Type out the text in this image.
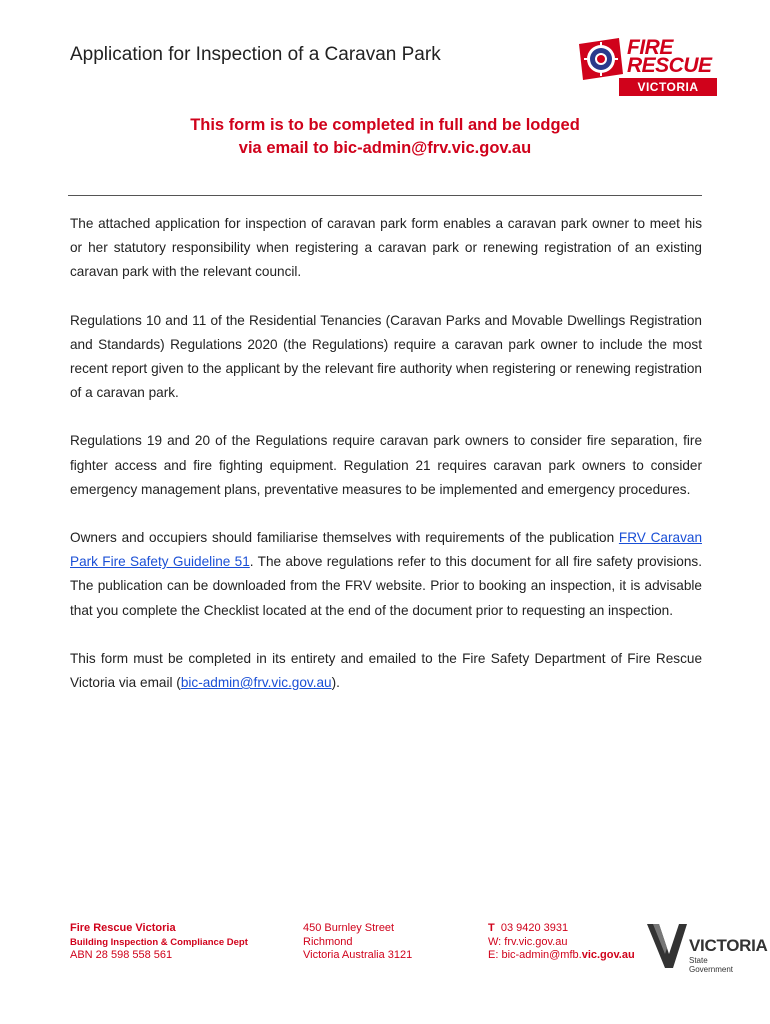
Application for Inspection of a Caravan Park	FIRE
RESCUE
VICTORIA
This form is to be completed in full and be lodged
via email to bic-admin@frv.vic.gov.au

The attached application for inspection of caravan park form enables a caravan park owner to meet his or her statutory responsibility when registering a caravan park or renewing registration of an existing caravan park with the relevant council.

Regulations 10 and 11 of the Residential Tenancies (Caravan Parks and Movable Dwellings Registration and Standards) Regulations 2020 (the Regulations) require a caravan park owner to include the most recent report given to the applicant by the relevant fire authority when registering or renewing registration of a caravan park.

Regulations 19 and 20 of the Regulations require caravan park owners to consider fire separation, fire fighter access and fire fighting equipment. Regulation 21 requires caravan park owners to consider emergency management plans, preventative measures to be implemented and emergency procedures.

Owners and occupiers should familiarise themselves with requirements of the publication FRV Caravan Park Fire Safety Guideline 51. The above regulations refer to this document for all fire safety provisions. The publication can be downloaded from the FRV website. Prior to booking an inspection, it is advisable that you complete the Checklist located at the end of the document prior to requesting an inspection.

This form must be completed in its entirety and emailed to the Fire Safety Department of Fire Rescue Victoria via email (bic-admin@frv.vic.gov.au).

Fire Rescue Victoria
Building Inspection & Compliance Dept
ABN 28 598 558 561
450 Burnley Street
Richmond
Victoria Australia 3121
T 03 9420 3931
W: frv.vic.gov.au
E: bic-admin@mfb.vic.gov.au	VICTORIA
State
Government
